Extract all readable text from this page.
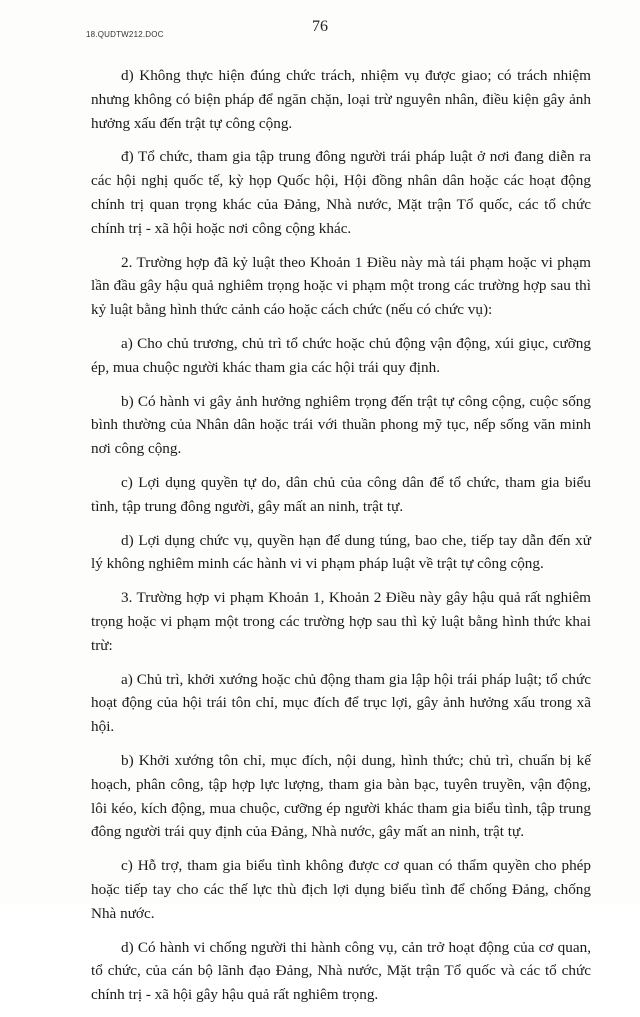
18.QUDTW212.DOC	76

d) Không thực hiện đúng chức trách, nhiệm vụ được giao; có trách nhiệm nhưng không có biện pháp để ngăn chặn, loại trừ nguyên nhân, điều kiện gây ảnh hưởng xấu đến trật tự công cộng.

đ) Tổ chức, tham gia tập trung đông người trái pháp luật ở nơi đang diễn ra các hội nghị quốc tế, kỳ họp Quốc hội, Hội đồng nhân dân hoặc các hoạt động chính trị quan trọng khác của Đảng, Nhà nước, Mặt trận Tổ quốc, các tổ chức chính trị - xã hội hoặc nơi công cộng khác.

2. Trường hợp đã kỷ luật theo Khoản 1 Điều này mà tái phạm hoặc vi phạm lần đầu gây hậu quả nghiêm trọng hoặc vi phạm một trong các trường hợp sau thì kỷ luật bằng hình thức cảnh cáo hoặc cách chức (nếu có chức vụ):

a) Cho chủ trương, chủ trì tổ chức hoặc chủ động vận động, xúi giục, cưỡng ép, mua chuộc người khác tham gia các hội trái quy định.

b) Có hành vi gây ảnh hưởng nghiêm trọng đến trật tự công cộng, cuộc sống bình thường của Nhân dân hoặc trái với thuần phong mỹ tục, nếp sống văn minh nơi công cộng.

c) Lợi dụng quyền tự do, dân chủ của công dân để tổ chức, tham gia biểu tình, tập trung đông người, gây mất an ninh, trật tự.

d) Lợi dụng chức vụ, quyền hạn để dung túng, bao che, tiếp tay dẫn đến xử lý không nghiêm minh các hành vi vi phạm pháp luật về trật tự công cộng.

3. Trường hợp vi phạm Khoản 1, Khoản 2 Điều này gây hậu quả rất nghiêm trọng hoặc vi phạm một trong các trường hợp sau thì kỷ luật bằng hình thức khai trừ:

a) Chủ trì, khởi xướng hoặc chủ động tham gia lập hội trái pháp luật; tổ chức hoạt động của hội trái tôn chỉ, mục đích để trục lợi, gây ảnh hưởng xấu trong xã hội.

b) Khởi xướng tôn chỉ, mục đích, nội dung, hình thức; chủ trì, chuẩn bị kế hoạch, phân công, tập hợp lực lượng, tham gia bàn bạc, tuyên truyền, vận động, lôi kéo, kích động, mua chuộc, cưỡng ép người khác tham gia biểu tình, tập trung đông người trái quy định của Đảng, Nhà nước, gây mất an ninh, trật tự.

c) Hỗ trợ, tham gia biểu tình không được cơ quan có thẩm quyền cho phép hoặc tiếp tay cho các thế lực thù địch lợi dụng biểu tình để chống Đảng, chống Nhà nước.

d) Có hành vi chống người thi hành công vụ, cản trở hoạt động của cơ quan, tổ chức, của cán bộ lãnh đạo Đảng, Nhà nước, Mặt trận Tổ quốc và các tổ chức chính trị - xã hội gây hậu quả rất nghiêm trọng.
